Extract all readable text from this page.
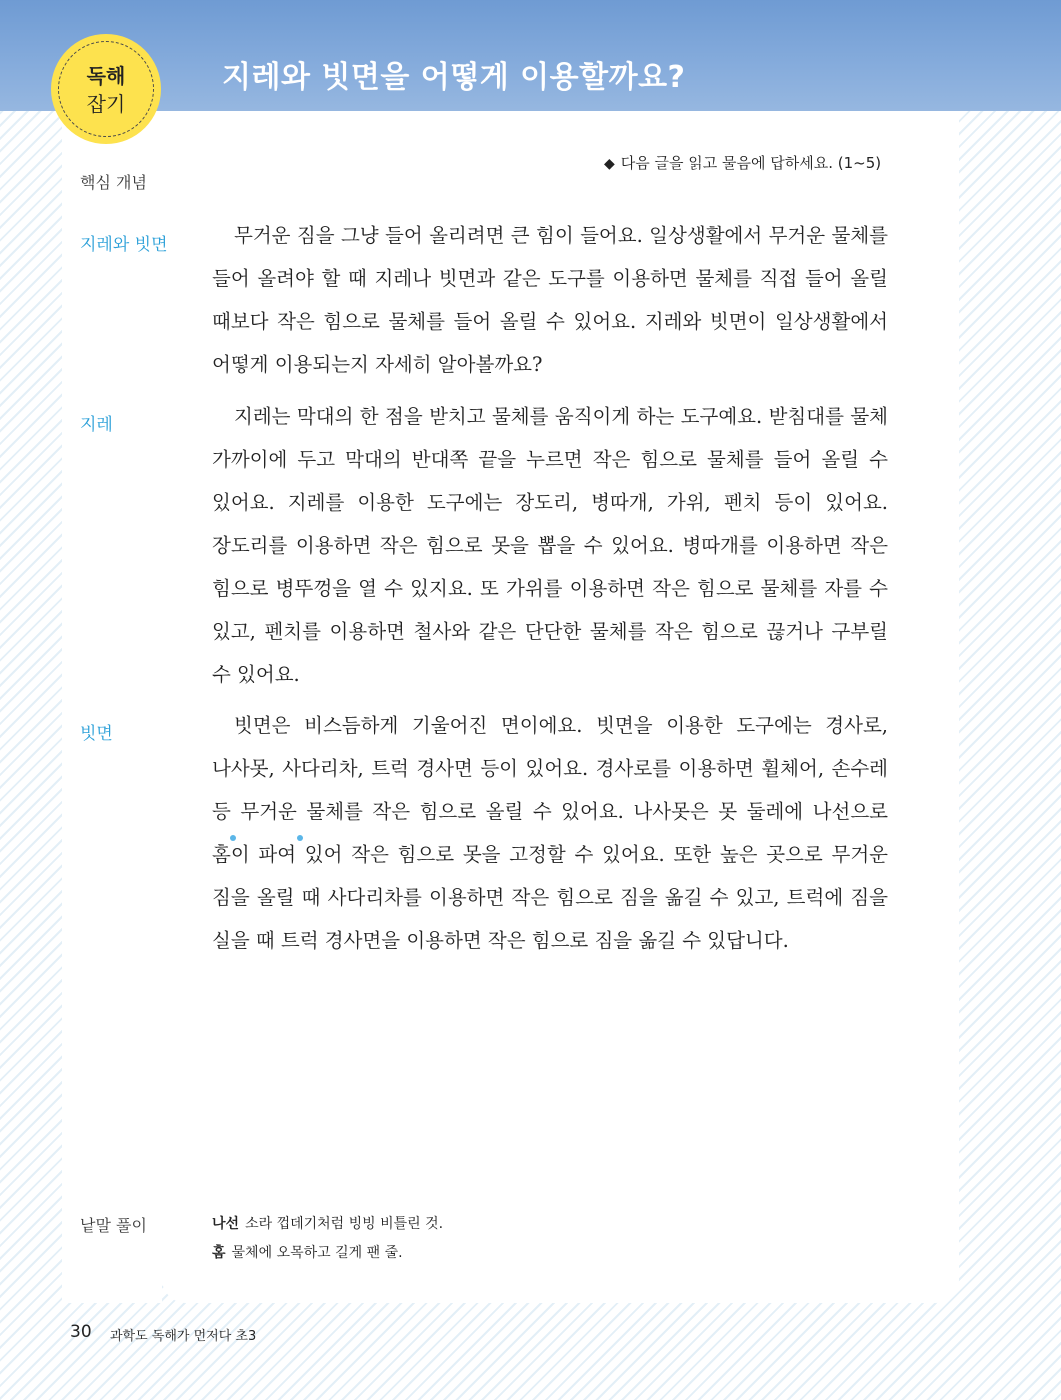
지레와 빗면을 어떻게 이용할까요?
독해
잡기
핵심 개념
지레와 빗면
지레
빗면
낱말 풀이
◆ 다음 글을 읽고 물음에 답하세요. (1~5)

무거운 짐을 그냥 들어 올리려면 큰 힘이 들어요. 일상생활에서 무거운 물체를 들어 올려야 할 때 지레나 빗면과 같은 도구를 이용하면 물체를 직접 들어 올릴 때보다 작은 힘으로 물체를 들어 올릴 수 있어요. 지레와 빗면이 일상생활에서 어떻게 이용되는지 자세히 알아볼까요?

지레는 막대의 한 점을 받치고 물체를 움직이게 하는 도구예요. 받침대를 물체 가까이에 두고 막대의 반대쪽 끝을 누르면 작은 힘으로 물체를 들어 올릴 수 있어요. 지레를 이용한 도구에는 장도리, 병따개, 가위, 펜치 등이 있어요. 장도리를 이용하면 작은 힘으로 못을 뽑을 수 있어요. 병따개를 이용하면 작은 힘으로 병뚜껑을 열 수 있지요. 또 가위를 이용하면 작은 힘으로 물체를 자를 수 있고, 펜치를 이용하면 철사와 같은 단단한 물체를 작은 힘으로 끊거나 구부릴 수 있어요.

빗면은 비스듬하게 기울어진 면이에요. 빗면을 이용한 도구에는 경사로, 나사못, 사다리차, 트럭 경사면 등이 있어요. 경사로를 이용하면 휠체어, 손수레 등 무거운 물체를 작은 힘으로 올릴 수 있어요. 나사못은 못 둘레에 나선으로 홈이 파여 있어 작은 힘으로 못을 고정할 수 있어요. 또한 높은 곳으로 무거운 짐을 올릴 때 사다리차를 이용하면 작은 힘으로 짐을 옮길 수 있고, 트럭에 짐을 실을 때 트럭 경사면을 이용하면 작은 힘으로 짐을 옮길 수 있답니다.

나선 소라 껍데기처럼 빙빙 비틀린 것.
홈 물체에 오목하고 길게 팬 줄.
30 과학도 독해가 먼저다 초3
